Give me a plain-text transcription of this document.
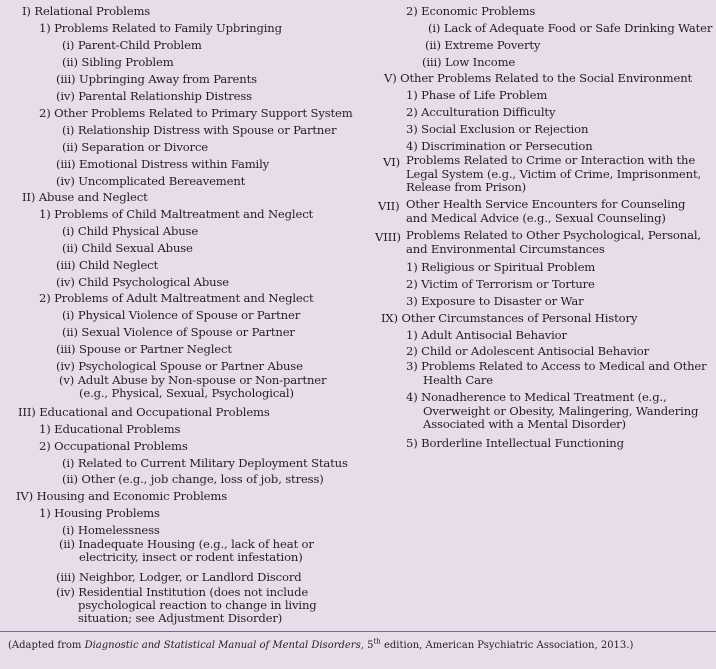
I) Relational Problems
1) Problems Related to Family Upbringing
(i) Parent-Child Problem
(ii) Sibling Problem
(iii) Upbringing Away from Parents
(iv) Parental Relationship Distress
2) Other Problems Related to Primary Support System
(i) Relationship Distress with Spouse or Partner
(ii) Separation or Divorce
(iii) Emotional Distress within Family
(iv) Uncomplicated Bereavement
II) Abuse and Neglect
1) Problems of Child Maltreatment and Neglect
(i) Child Physical Abuse
(ii) Child Sexual Abuse
(iii) Child Neglect
(iv) Child Psychological Abuse
2) Problems of Adult Maltreatment and Neglect
(i) Physical Violence of Spouse or Partner
(ii) Sexual Violence of Spouse or Partner
(iii) Spouse or Partner Neglect
(iv) Psychological Spouse or Partner Abuse
(v) Adult Abuse by Non-spouse or Non-partner (e.g., Physical, Sexual, Psychological)
III) Educational and Occupational Problems
1) Educational Problems
2) Occupational Problems
(i) Related to Current Military Deployment Status
(ii) Other (e.g., job change, loss of job, stress)
IV) Housing and Economic Problems
1) Housing Problems
(i) Homelessness
(ii) Inadequate Housing (e.g., lack of heat or electricity, insect or rodent infestation)
(iii) Neighbor, Lodger, or Landlord Discord
(iv) Residential Institution (does not include psychological reaction to change in living situation; see Adjustment Disorder)
2) Economic Problems
(i) Lack of Adequate Food or Safe Drinking Water
(ii) Extreme Poverty
(iii) Low Income
V) Other Problems Related to the Social Environment
1) Phase of Life Problem
2) Acculturation Difficulty
3) Social Exclusion or Rejection
4) Discrimination or Persecution
VI) Problems Related to Crime or Interaction with the Legal System (e.g., Victim of Crime, Imprisonment, Release from Prison)
VII) Other Health Service Encounters for Counseling and Medical Advice (e.g., Sexual Counseling)
VIII) Problems Related to Other Psychological, Personal, and Environmental Circumstances
1) Religious or Spiritual Problem
2) Victim of Terrorism or Torture
3) Exposure to Disaster or War
IX) Other Circumstances of Personal History
1) Adult Antisocial Behavior
2) Child or Adolescent Antisocial Behavior
3) Problems Related to Access to Medical and Other Health Care
4) Nonadherence to Medical Treatment (e.g., Overweight or Obesity, Malingering, Wandering Associated with a Mental Disorder)
5) Borderline Intellectual Functioning
(Adapted from Diagnostic and Statistical Manual of Mental Disorders, 5th edition, American Psychiatric Association, 2013.)
